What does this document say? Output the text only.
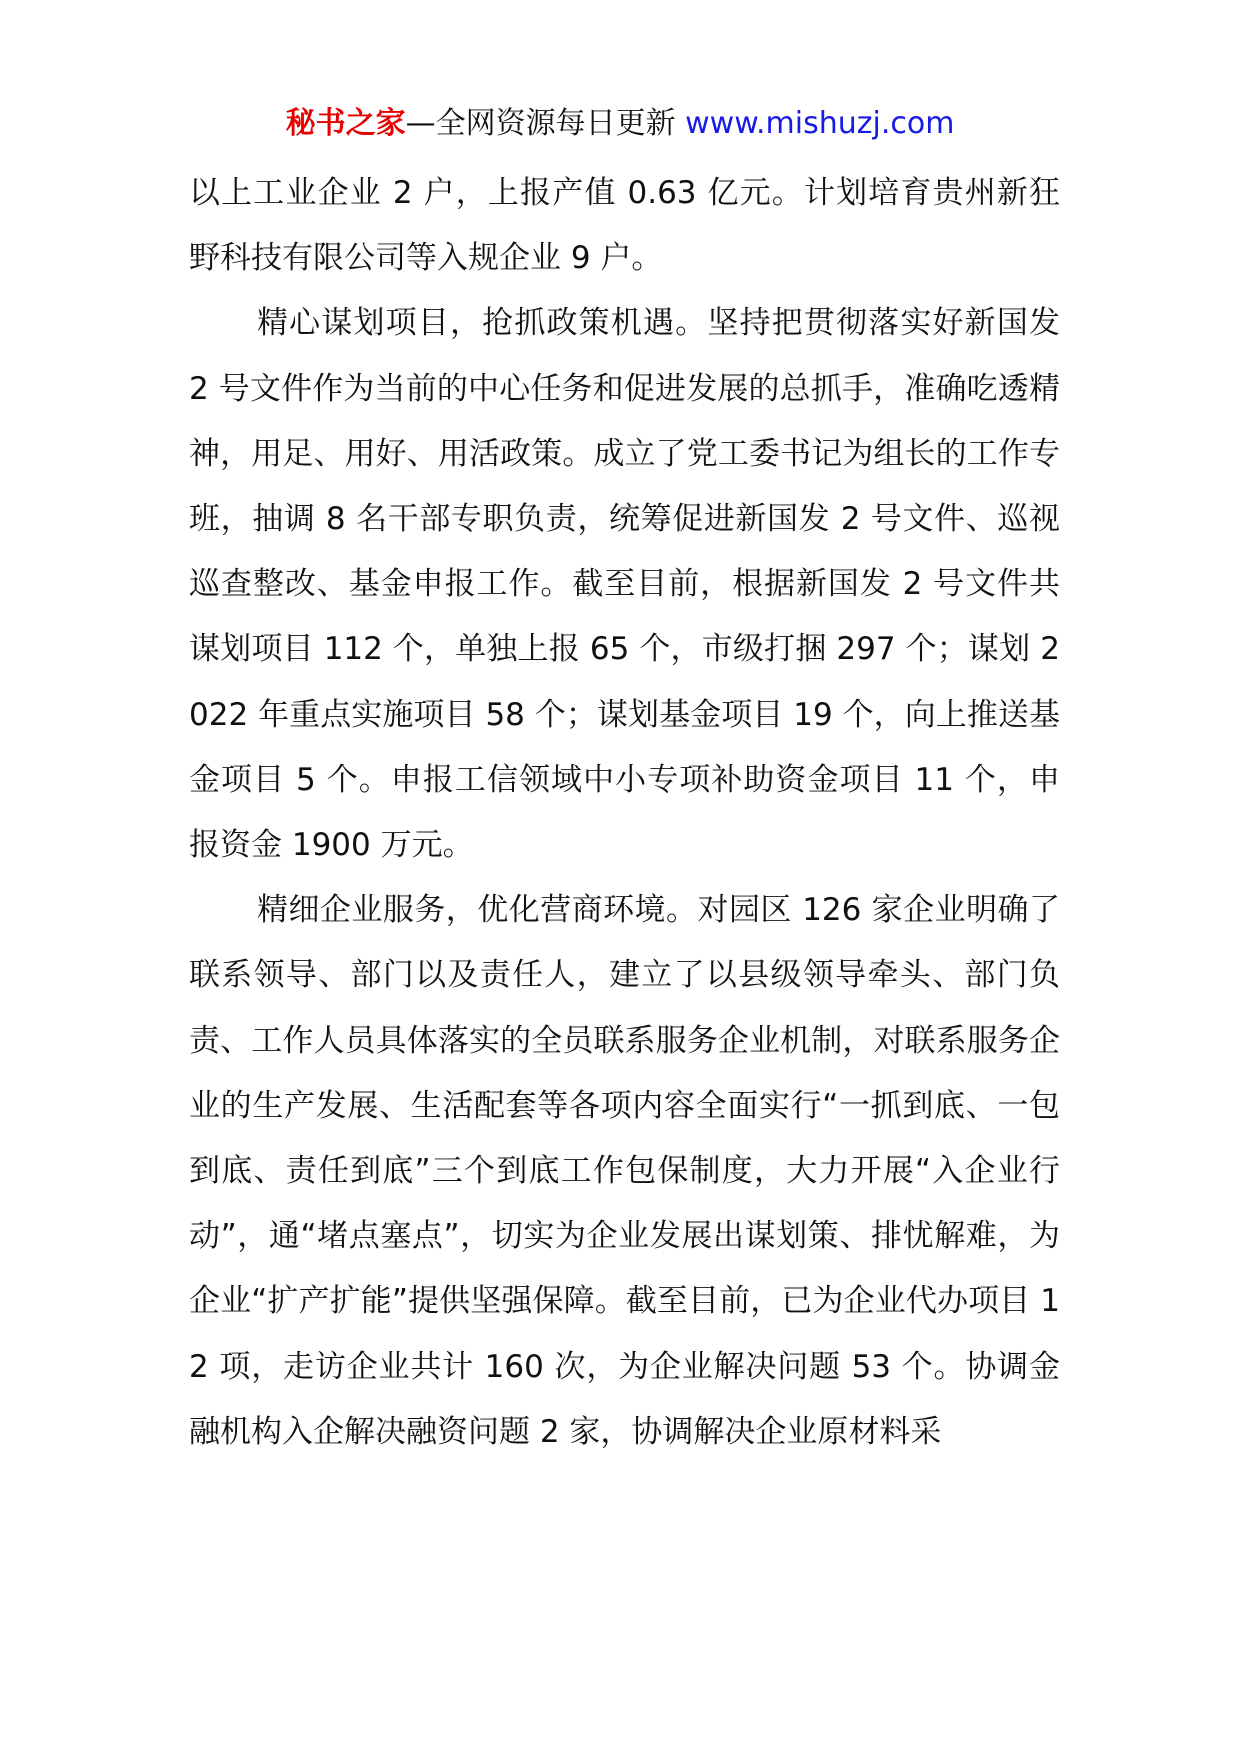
秘书之家—全网资源每日更新 www.mishuzj.com

以上工业企业 2 户，上报产值 0.63 亿元。计划培育贵州新狂野科技有限公司等入规企业 9 户。

精心谋划项目，抢抓政策机遇。坚持把贯彻落实好新国发 2 号文件作为当前的中心任务和促进发展的总抓手，准确吃透精神，用足、用好、用活政策。成立了党工委书记为组长的工作专班，抽调 8 名干部专职负责，统筹促进新国发 2 号文件、巡视巡查整改、基金申报工作。截至目前，根据新国发 2 号文件共谋划项目 112 个，单独上报 65 个，市级打捆 297 个；谋划 2022 年重点实施项目 58 个；谋划基金项目 19 个，向上推送基金项目 5 个。申报工信领域中小专项补助资金项目 11 个，申报资金 1900 万元。

精细企业服务，优化营商环境。对园区 126 家企业明确了联系领导、部门以及责任人，建立了以县级领导牵头、部门负责、工作人员具体落实的全员联系服务企业机制，对联系服务企业的生产发展、生活配套等各项内容全面实行“一抓到底、一包到底、责任到底”三个到底工作包保制度，大力开展“入企业行动”，通“堵点塞点”，切实为企业发展出谋划策、排忧解难，为企业“扩产扩能”提供坚强保障。截至目前，已为企业代办项目 12 项，走访企业共计 160 次，为企业解决问题 53 个。协调金融机构入企解决融资问题 2 家，协调解决企业原材料采
